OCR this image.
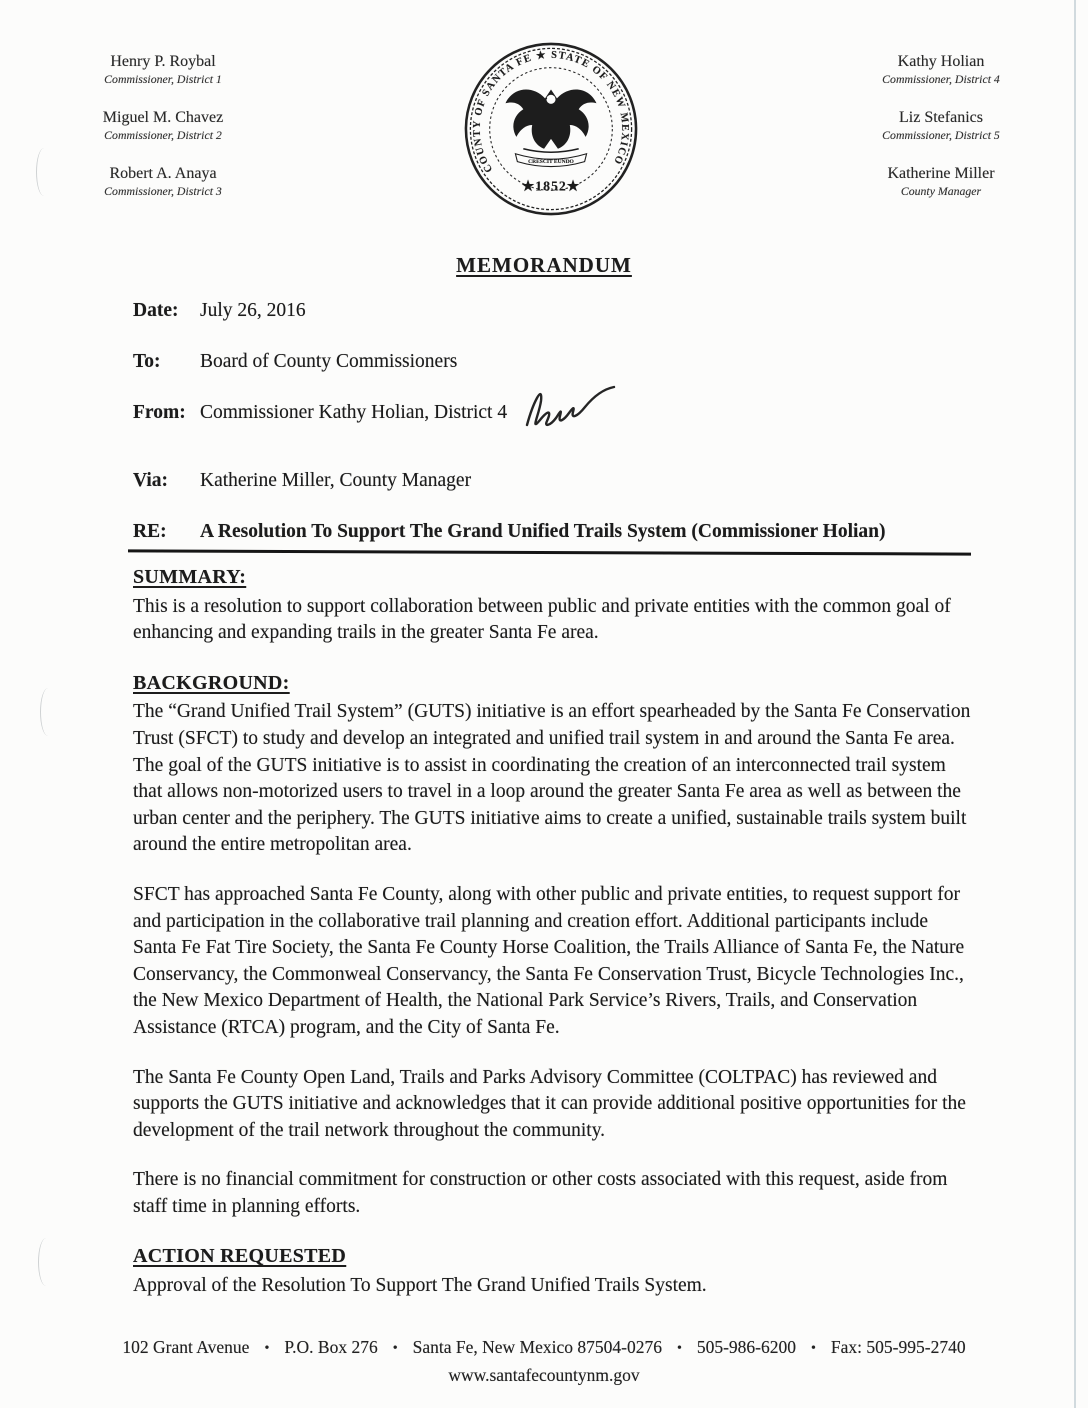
Henry P. Roybal
Commissioner, District 1
Miguel M. Chavez
Commissioner, District 2
Robert A. Anaya
Commissioner, District 3
Kathy Holian
Commissioner, District 4
Liz Stefanics
Commissioner, District 5
Katherine Miller
County Manager
COUNTY OF SANTA FE ★ STATE OF NEW MEXICO
CRESCIT EUNDO
★1852★
MEMORANDUM
Date:	July 26, 2016
To:	Board of County Commissioners
From: Commissioner Kathy Holian, District 4
Via:	Katherine Miller, County Manager
RE:	A Resolution To Support The Grand Unified Trails System (Commissioner Holian)
SUMMARY:

This is a resolution to support collaboration between public and private entities with the common goal of enhancing and expanding trails in the greater Santa Fe area.

BACKGROUND:

The “Grand Unified Trail System” (GUTS) initiative is an effort spearheaded by the Santa Fe Conservation Trust (SFCT) to study and develop an integrated and unified trail system in and around the Santa Fe area. The goal of the GUTS initiative is to assist in coordinating the creation of an interconnected trail system that allows non-motorized users to travel in a loop around the greater Santa Fe area as well as between the urban center and the periphery. The GUTS initiative aims to create a unified, sustainable trails system built around the entire metropolitan area.

SFCT has approached Santa Fe County, along with other public and private entities, to request support for and participation in the collaborative trail planning and creation effort. Additional participants include Santa Fe Fat Tire Society, the Santa Fe County Horse Coalition, the Trails Alliance of Santa Fe, the Nature Conservancy, the Commonweal Conservancy, the Santa Fe Conservation Trust, Bicycle Technologies Inc., the New Mexico Department of Health, the National Park Service’s Rivers, Trails, and Conservation Assistance (RTCA) program, and the City of Santa Fe.

The Santa Fe County Open Land, Trails and Parks Advisory Committee (COLTPAC) has reviewed and supports the GUTS initiative and acknowledges that it can provide additional positive opportunities for the development of the trail network throughout the community.

There is no financial commitment for construction or other costs associated with this request, aside from staff time in planning efforts.

ACTION REQUESTED

Approval of the Resolution To Support The Grand Unified Trails System.

102 Grant Avenue • P.O. Box 276 • Santa Fe, New Mexico 87504-0276 • 505-986-6200 • Fax: 505-995-2740
www.santafecountynm.gov
